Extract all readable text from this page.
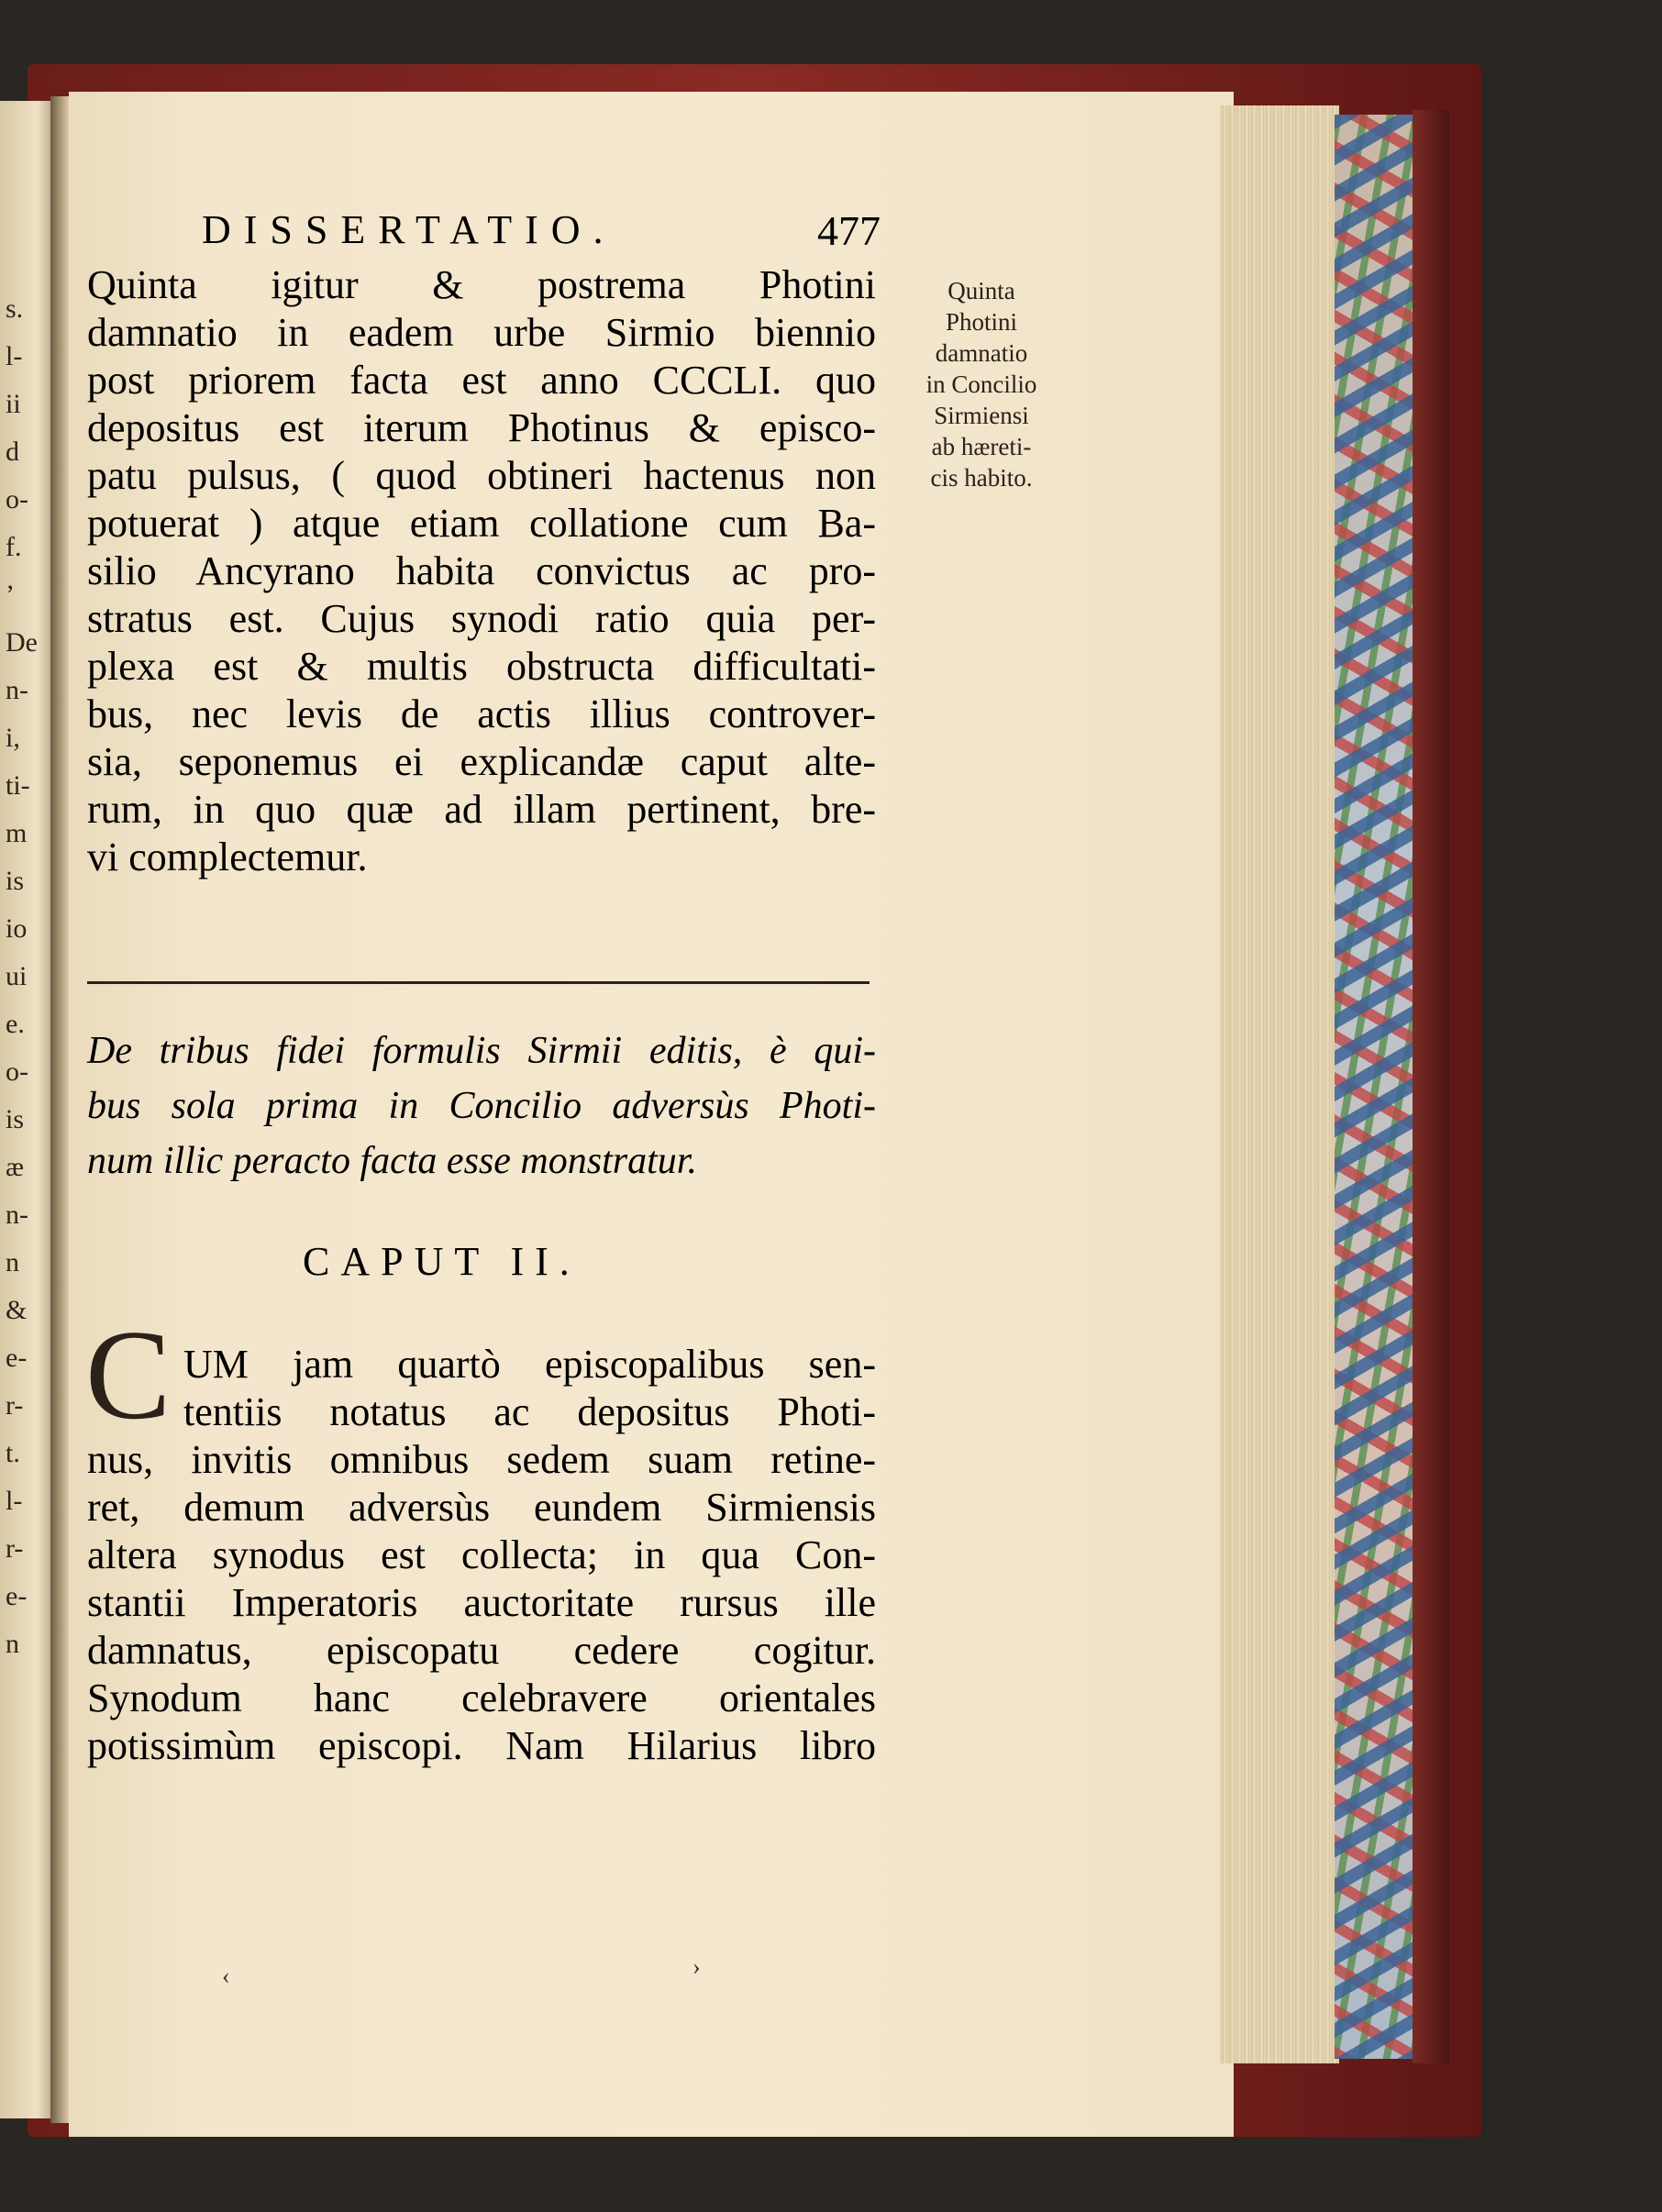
s.
l-
ii
d
o-
f.
’
De
n-
i,
ti-
m
is
io
ui
e.
o-
is
æ
n-
n
&
e-
r-
t.
l-
r-
e-
n
DISSERTATIO.	477
Quinta igitur & postrema Photini
damnatio in eadem urbe Sirmio biennio
post priorem facta est anno CCCLI. quo
depositus est iterum Photinus & episco-
patu pulsus, ( quod obtineri hactenus non
potuerat ) atque etiam collatione cum Ba-
silio Ancyrano habita convictus ac pro-
stratus est. Cujus synodi ratio quia per-
plexa est & multis obstructa difficultati-
bus, nec levis de actis illius controver-
sia, seponemus ei explicandæ caput alte-
rum, in quo quæ ad illam pertinent, bre-
vi complectemur.
Quinta
Photini
damnatio
in Concilio
Sirmiensi
ab hæreti-
cis habito.
De tribus fidei formulis Sirmii editis, è qui-
bus sola prima in Concilio adversùs Photi-
num illic peracto facta esse monstratur.
CAPUT II.
C UM jam quartò episcopalibus sen-
tentiis notatus ac depositus Photi-
nus, invitis omnibus sedem suam retine-
ret, demum adversùs eundem Sirmiensis
altera synodus est collecta; in qua Con-
stantii Imperatoris auctoritate rursus ille
damnatus, episcopatu cedere cogitur.
Synodum hanc celebravere orientales
potissimùm episcopi. Nam Hilarius libro
‹	›
